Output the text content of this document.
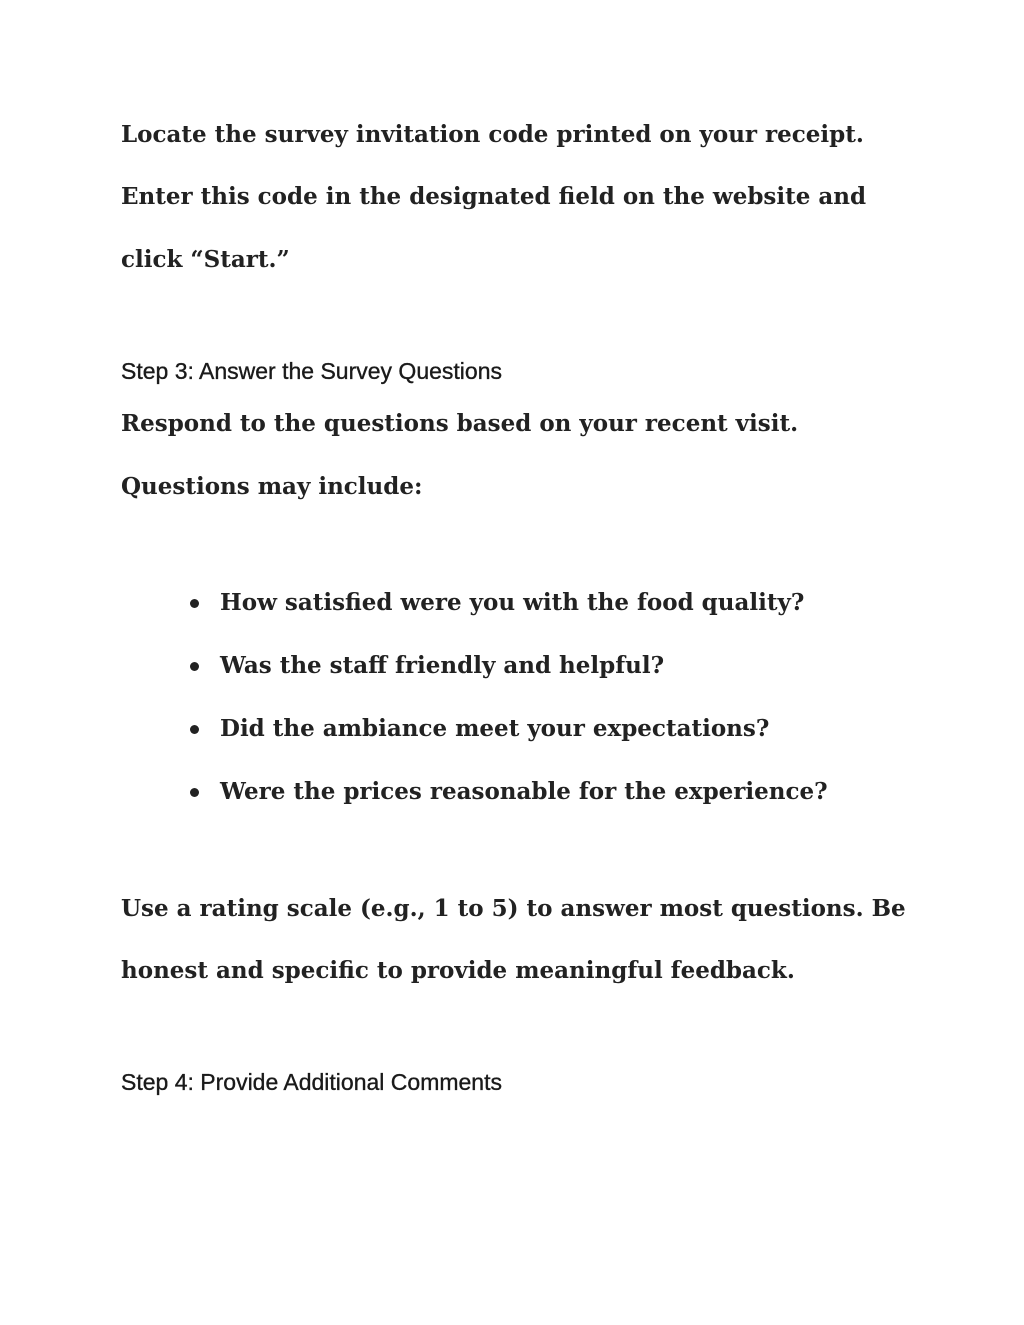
Locate the survey invitation code printed on your receipt.

Enter this code in the designated field on the website and

click “Start.”

Step 3: Answer the Survey Questions

Respond to the questions based on your recent visit.

Questions may include:

How satisfied were you with the food quality?
Was the staff friendly and helpful?
Did the ambiance meet your expectations?
Were the prices reasonable for the experience?

Use a rating scale (e.g., 1 to 5) to answer most questions. Be

honest and specific to provide meaningful feedback.

Step 4: Provide Additional Comments
